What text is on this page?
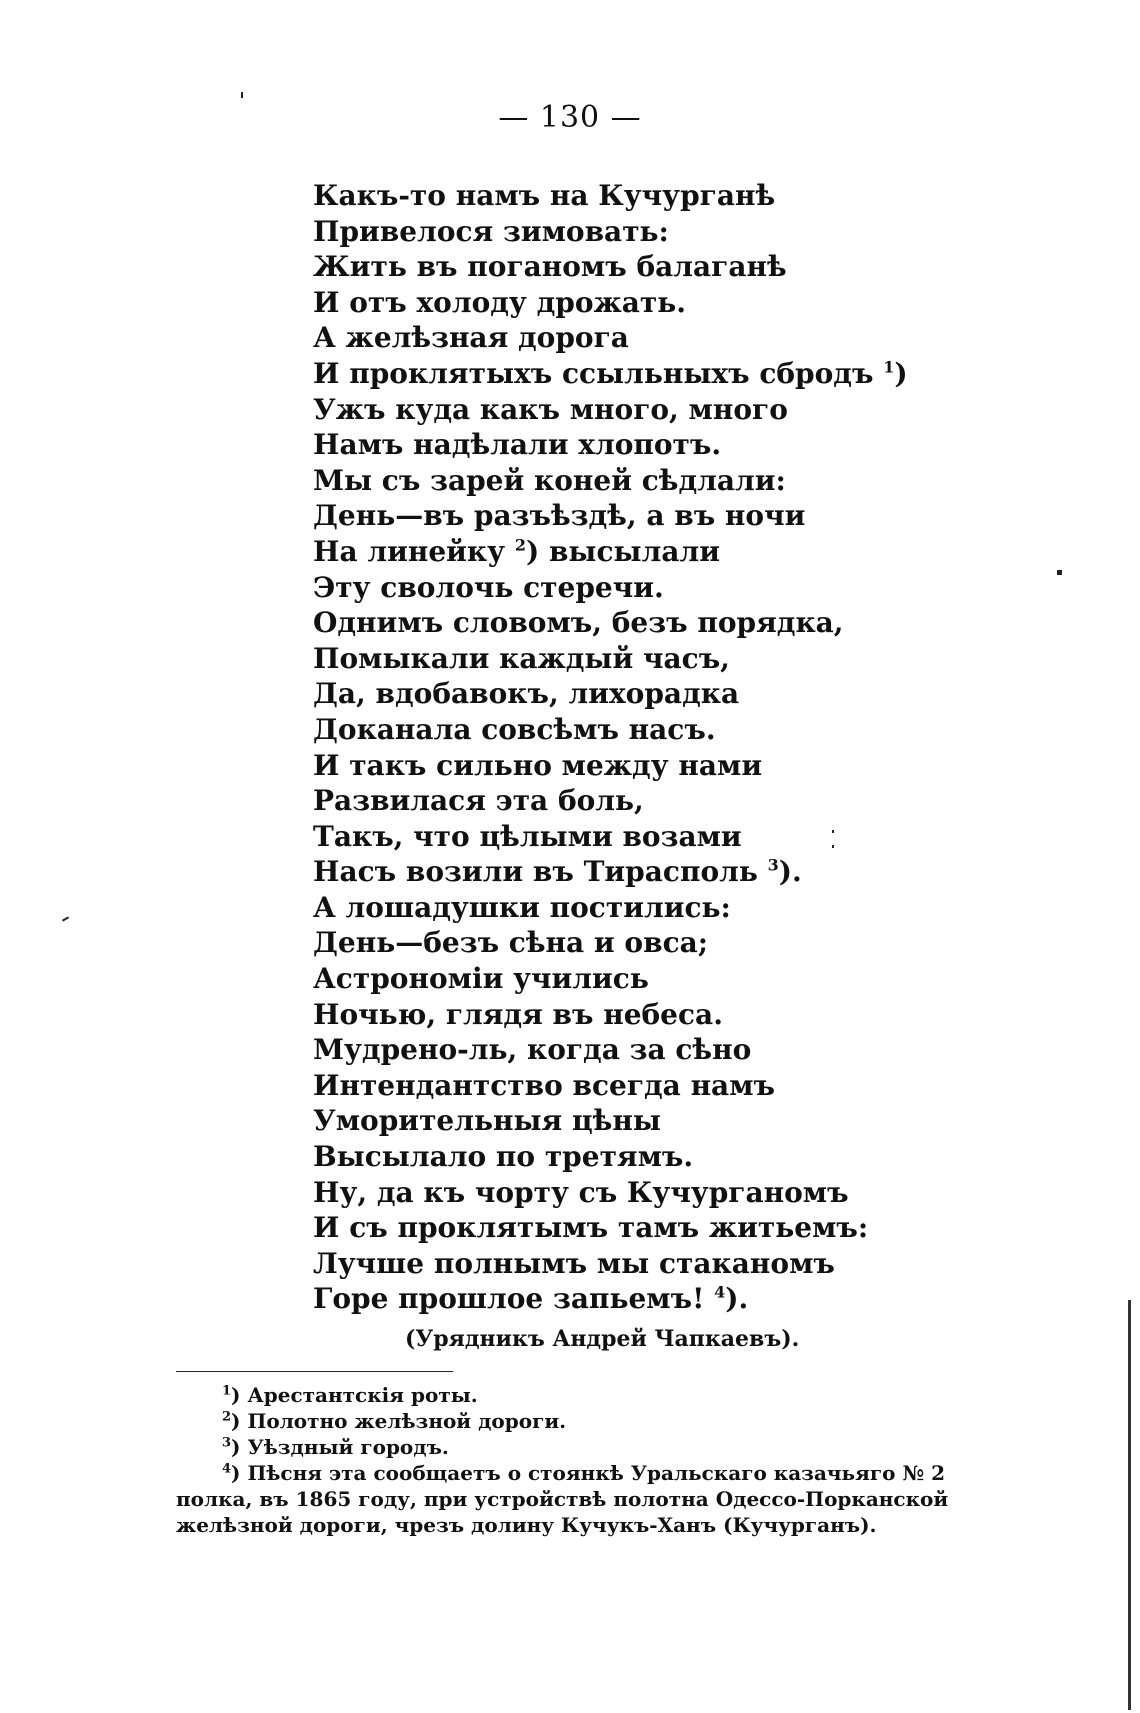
— 130 —
Какъ-то намъ на Кучурганѣ
Привелося зимовать:
Жить въ поганомъ балаганѣ
И отъ холоду дрожать.
А желѣзная дорога
И проклятыхъ ссыльныхъ сбродъ $^1$)
Ужъ куда какъ много, много
Намъ надѣлали хлопотъ.
Мы съ зарей коней сѣдлали:
День—въ разъѣздѣ, а въ ночи
На линейку $^2$) высылали
Эту сволочь стеречи.
Однимъ словомъ, безъ порядка,
Помыкали каждый часъ,
Да, вдобавокъ, лихорадка
Доканала совсѣмъ насъ.
И такъ сильно между нами
Развилася эта боль,
Такъ, что цѣлыми возами
Насъ возили въ Тирасполь $^3$).
А лошадушки постились:
День—безъ сѣна и овса;
Астрономіи учились
Ночью, глядя въ небеса.
Мудрено-ль, когда за сѣно
Интендантство всегда намъ
Умоpительныя цѣны
Высылало по третямъ.
Ну, да къ чорту съ Кучурганомъ
И съ проклятымъ тамъ житьемъ:
Лучше полнымъ мы стаканомъ
Горе прошлое запьемъ! $^4$).
(Урядникъ Андрей Чапкаевъ).
$^1$) Арестантскія роты.
$^2$) Полотно желѣзной дороги.
$^3$) Уѣздный городъ.
$^4$) Пѣсня эта сообщаетъ о стоянкѣ Уральскаго казачьяго № 2 полка, въ 1865 году, при устройствѣ полотна Одессо-Порканской желѣзной дороги, чрезъ долину Кучукъ-Ханъ (Кучурганъ).
